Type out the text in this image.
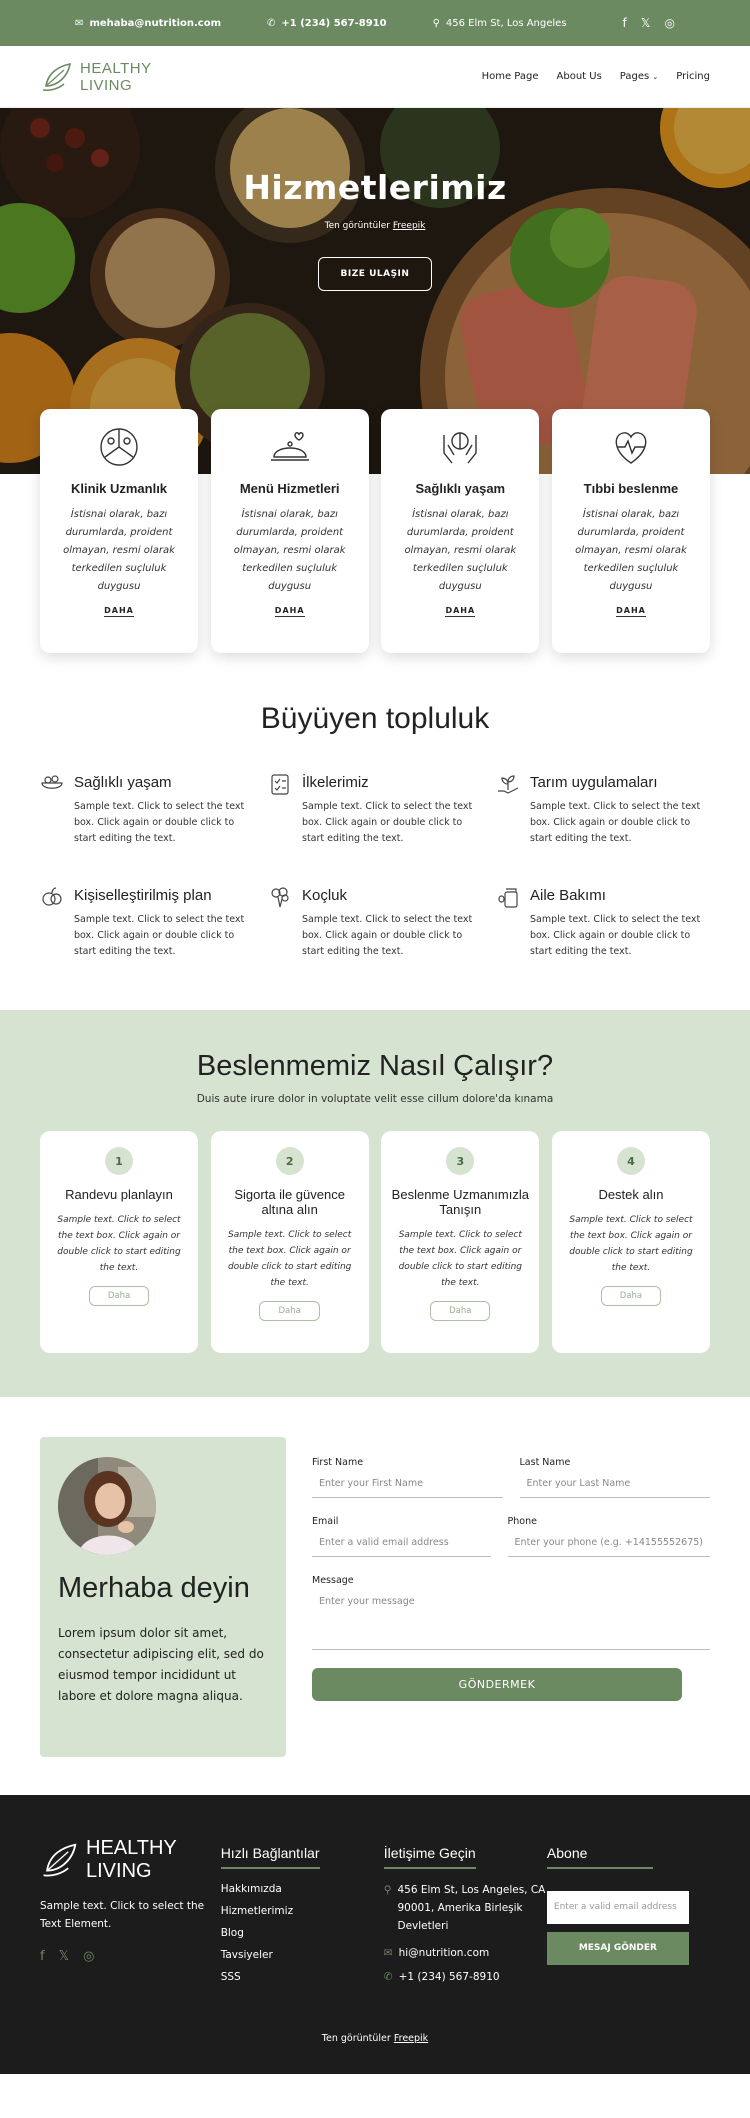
✉ mehaba@nutrition.com	✆ +1 (234) 567-8910	⚲ 456 Elm St, Los Angeles	f 𝕏 ◎
HEALTHY
LIVING	Home Page About Us Pages ⌄ Pricing
Hizmetlerimiz
Ten görüntüler Freepik
BIZE ULAŞIN
Klinik Uzmanlık
İstisnai olarak, bazı durumlarda, proident olmayan, resmi olarak terkedilen suçluluk duygusu
DAHA
Menü Hizmetleri
İstisnai olarak, bazı durumlarda, proident olmayan, resmi olarak terkedilen suçluluk duygusu
DAHA
Sağlıklı yaşam
İstisnai olarak, bazı durumlarda, proident olmayan, resmi olarak terkedilen suçluluk duygusu
DAHA
Tıbbi beslenme
İstisnai olarak, bazı durumlarda, proident olmayan, resmi olarak terkedilen suçluluk duygusu
DAHA
Büyüyen topluluk
Sağlıklı yaşam
Sample text. Click to select the text box. Click again or double click to start editing the text.
İlkelerimiz
Sample text. Click to select the text box. Click again or double click to start editing the text.
Tarım uygulamaları
Sample text. Click to select the text box. Click again or double click to start editing the text.
Kişiselleştirilmiş plan
Sample text. Click to select the text box. Click again or double click to start editing the text.
Koçluk
Sample text. Click to select the text box. Click again or double click to start editing the text.
Aile Bakımı
Sample text. Click to select the text box. Click again or double click to start editing the text.
Beslenmemiz Nasıl Çalışır?
Duis aute irure dolor in voluptate velit esse cillum dolore'da kınama
1
Randevu planlayın
Sample text. Click to select the text box. Click again or double click to start editing the text.
Daha
2
Sigorta ile güvence altına alın
Sample text. Click to select the text box. Click again or double click to start editing the text.
Daha
3
Beslenme Uzmanımızla Tanışın
Sample text. Click to select the text box. Click again or double click to start editing the text.
Daha
4
Destek alın
Sample text. Click to select the text box. Click again or double click to start editing the text.
Daha
Merhaba deyin
Lorem ipsum dolor sit amet, consectetur adipiscing elit, sed do eiusmod tempor incididunt ut labore et dolore magna aliqua.
First Name
Enter your First Name
Last Name
Enter your Last Name
Email
Enter a valid email address
Phone
Enter your phone (e.g. +14155552675)
Message
Enter your message
GÖNDERMEK
HEALTHY
LIVING
Sample text. Click to select the Text Element.
f 𝕏 ◎
Hızlı Bağlantılar
Hakkımızda
Hizmetlerimiz
Blog
Tavsiyeler
SSS
İletişime Geçin
⚲ 456 Elm St, Los Angeles, CA 90001, Amerika Birleşik Devletleri
✉ hi@nutrition.com
✆ +1 (234) 567-8910
Abone
Enter a valid email address
MESAJ GÖNDER
Ten görüntüler Freepik
